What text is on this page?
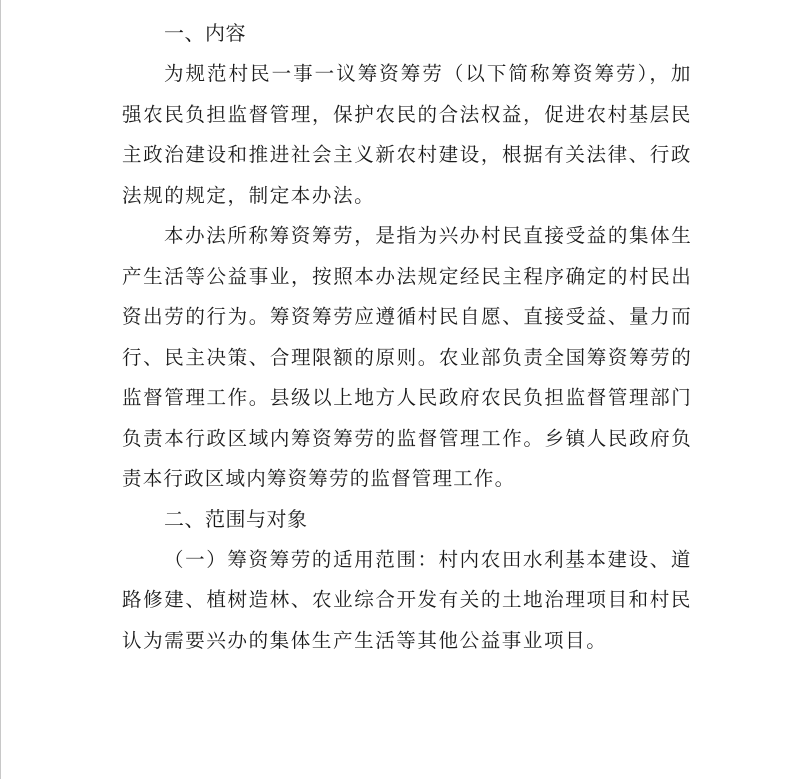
一、内容

为规范村民一事一议筹资筹劳（以下简称筹资筹劳），加强农民负担监督管理，保护农民的合法权益，促进农村基层民主政治建设和推进社会主义新农村建设，根据有关法律、行政法规的规定，制定本办法。

本办法所称筹资筹劳，是指为兴办村民直接受益的集体生产生活等公益事业，按照本办法规定经民主程序确定的村民出资出劳的行为。筹资筹劳应遵循村民自愿、直接受益、量力而行、民主决策、合理限额的原则。农业部负责全国筹资筹劳的监督管理工作。县级以上地方人民政府农民负担监督管理部门负责本行政区域内筹资筹劳的监督管理工作。乡镇人民政府负责本行政区域内筹资筹劳的监督管理工作。

二、范围与对象

（一）筹资筹劳的适用范围：村内农田水利基本建设、道路修建、植树造林、农业综合开发有关的土地治理项目和村民认为需要兴办的集体生产生活等其他公益事业项目。
